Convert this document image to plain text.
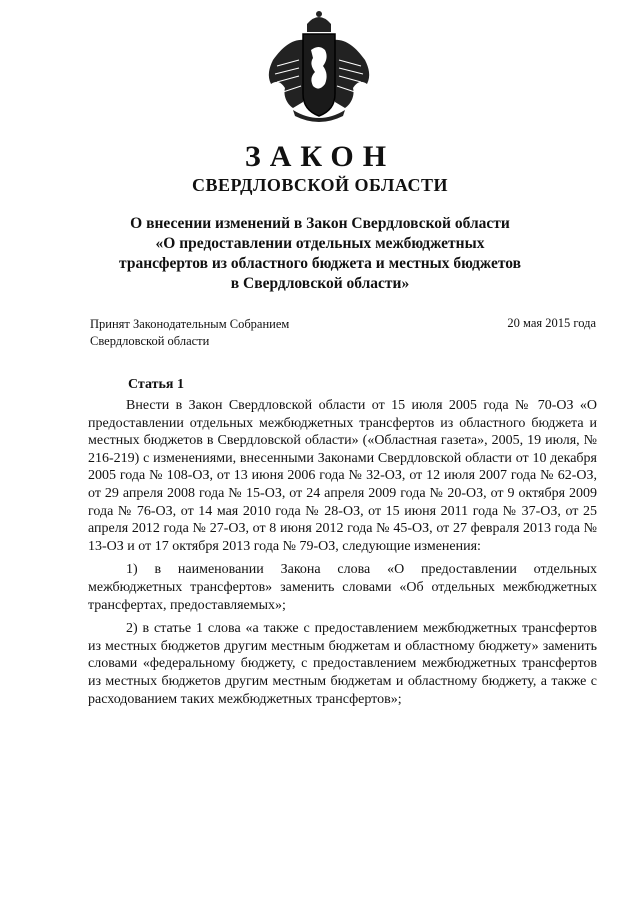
ЗАКОН
СВЕРДЛОВСКОЙ ОБЛАСТИ
О внесении изменений в Закон Свердловской области
«О предоставлении отдельных межбюджетных
трансфертов из областного бюджета и местных бюджетов
в Свердловской области»
Принят Законодательным Собранием
Свердловской области
20 мая 2015 года
Статья 1

Внести в Закон Свердловской области от 15 июля 2005 года № 70-ОЗ «О предоставлении отдельных межбюджетных трансфертов из областного бюджета и местных бюджетов в Свердловской области» («Областная газета», 2005, 19 июля, № 216-219) с изменениями, внесенными Законами Свердловской области от 10 декабря 2005 года № 108-ОЗ, от 13 июня 2006 года № 32-ОЗ, от 12 июля 2007 года № 62-ОЗ, от 29 апреля 2008 года № 15-ОЗ, от 24 апреля 2009 года № 20-ОЗ, от 9 октября 2009 года № 76-ОЗ, от 14 мая 2010 года № 28-ОЗ, от 15 июня 2011 года № 37-ОЗ, от 25 апреля 2012 года № 27-ОЗ, от 8 июня 2012 года № 45-ОЗ, от 27 февраля 2013 года № 13-ОЗ и от 17 октября 2013 года № 79-ОЗ, следующие изменения:

1) в наименовании Закона слова «О предоставлении отдельных межбюджетных трансфертов» заменить словами «Об отдельных межбюджетных трансфертах, предоставляемых»;

2) в статье 1 слова «а также с предоставлением межбюджетных трансфертов из местных бюджетов другим местным бюджетам и областному бюджету» заменить словами «федеральному бюджету, с предоставлением межбюджетных трансфертов из местных бюджетов другим местным бюджетам и областному бюджету, а также с расходованием таких межбюджетных трансфертов»;
